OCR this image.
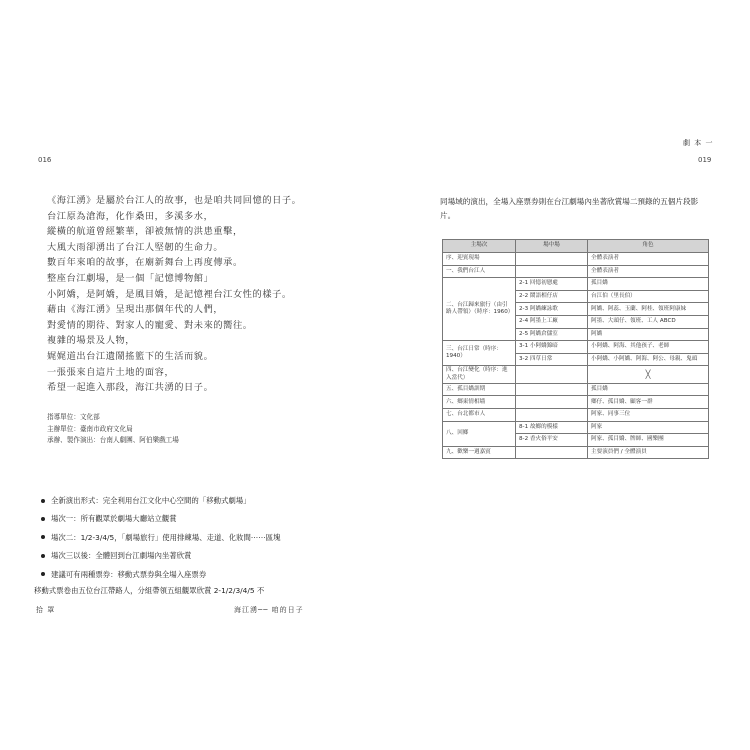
016
《海江湧》是屬於台江人的故事，也是咱共同回憶的日子。
台江原為滄海，化作桑田，多溪多水，
縱橫的航道曾經繁華，卻被無情的洪患重擊，
大風大雨卻湧出了台江人堅韌的生命力。
數百年來咱的故事，在廟新舞台上再度傳承。
整座台江劇場，是一個「記憶博物館」
小阿嬌，是阿嬌，是風目嬌，是記憶裡台江女性的樣子。
藉由《海江湧》呈現出那個年代的人們，
對愛情的期待、對家人的寵愛、對未來的嚮往。
複雜的場景及人物，
娓娓道出台江遺鬧搖籃下的生活而貌。
一張張來自這片土地的面容，
希望一起進入那段，海江共湧的日子。
指導單位：文化部
主辦單位：臺南市政府文化局
承辦、製作演出：台南人劇團、阿伯樂戲工場
全新演出形式：完全利用台江文化中心空間的「移動式劇場」
場次一：所有觀眾於劇場大廳站立觀賞
場次二：1/2-3/4/5，「劇場旅行」使用排練場、走道、化妝間⋯⋯區塊
場次三以後：全體回到台江劇場內坐著欣賞
建議可有兩種票券：移動式票券與全場入座票券
移動式票卷由五位台江帶路人，分組帶領五組觀眾欣賞 2-1/2/3/4/5 不
拾 罩	海江湧── 咱的日子
劇 本 一
019
同場域的演出，全場入座票券則在台江劇場內坐著欣賞場二預錄的五個片段影片。
主場次	場中場	角色
序、迎賓現場		全體表演者
一、我們台江人		全體表演者
二、台江歸來旅行（由引路人帶領）（時序：1960）	2-1 回憶初戀處	孤目嬌
	2-2 鬧語相仔店	台江伯（里長伯）
	2-3 阿嬌練詠歌	阿嬌、阿蕊、玉蘭、阿桂、領班阿康妹
	2-4 阿墨上工廠	阿墨、大頭仔、領班、工人 ABCD
	2-5 阿嬌倉儲室	阿嬌
三、台江日常（時序：1940）	3-1 小阿嬌錦暗	小阿嬌、阿海、其他孩子、老師
	3-2 四草日常	小阿嬌、小阿嬌、阿海、阿公、母親、鬼頭
四、台江變化（時序：進入當代）		╳
五、孤目嬌訓期		孤目嬌
六、鄉東情相墻		鄉仔、孤目嬌、顧客一群
七、台北都市人		阿家、同事三位
八、回鄉	8-1 故鄉的模樣	阿家
	8-2 香火俗平安	阿家、孤目嬌、牌師、國樂團
九、歡樂一週嘉賓		主要演員們 / 全體演員
